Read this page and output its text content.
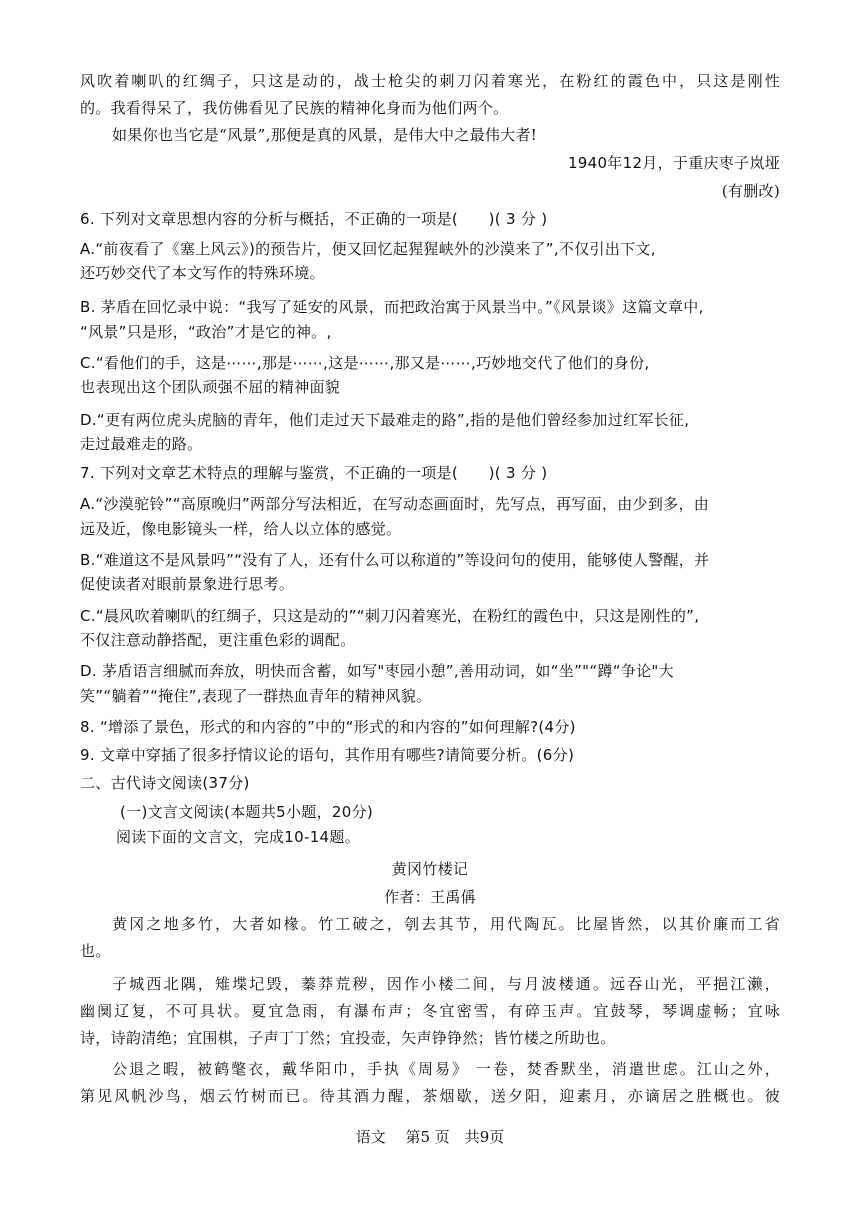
风吹着喇叭的红绸子，只这是动的，战士枪尖的刺刀闪着寒光，在粉红的霞色中，只这是刚性
的。我看得呆了，我仿佛看见了民族的精神化身而为他们两个。
如果你也当它是“风景”,那便是真的风景，是伟大中之最伟大者!
1940年12月，于重庆枣子岚垭
(有删改)
6. 下列对文章思想内容的分析与概括，不正确的一项是(　　)( 3 分 )
A.“前夜看了《塞上风云》)的预告片，便又回忆起猩猩峡外的沙漠来了”,不仅引出下文,
还巧妙交代了本文写作的特殊环境。
B. 茅盾在回忆录中说：“我写了延安的风景，而把政治寓于风景当中。”《风景谈》这篇文章中,
“风景”只是形，“政治”才是它的神。,
C.“看他们的手，这是⋯⋯,那是⋯⋯,这是⋯⋯,那又是⋯⋯,巧妙地交代了他们的身份,
也表现出这个团队顽强不屈的精神面貌
D.“更有两位虎头虎脑的青年，他们走过天下最难走的路”,指的是他们曾经参加过红军长征,
走过最难走的路。
7. 下列对文章艺术特点的理解与鉴赏，不正确的一项是(　　)( 3 分 )
A.“沙漠驼铃”“高原晚归”两部分写法相近，在写动态画面时，先写点，再写面，由少到多，由
远及近，像电影镜头一样，给人以立体的感觉。
B.“难道这不是风景吗”“没有了人，还有什么可以称道的”等设问句的使用，能够使人警醒，并
促使读者对眼前景象进行思考。
C.“晨风吹着喇叭的红绸子，只这是动的”“刺刀闪着寒光，在粉红的霞色中，只这是刚性的”,
不仅注意动静搭配，更注重色彩的调配。
D. 茅盾语言细腻而奔放，明快而含蓄，如写"枣园小憩”,善用动词，如“坐”"“蹲“争论"大
笑”“躺着”“掩住”,表现了一群热血青年的精神风貌。
8. “增添了景色，形式的和内容的”中的“形式的和内容的”如何理解?(4分)
9. 文章中穿插了很多抒情议论的语句，其作用有哪些?请简要分析。(6分)
二、古代诗文阅读(37分)
(一)文言文阅读(本题共5小题，20分)
阅读下面的文言文，完成10-14题。
黄冈竹楼记
作者：王禹偁
黄冈之地多竹，大者如椽。竹工破之，刳去其节，用代陶瓦。比屋皆然，以其价廉而工省
也。
子城西北隅，雉堞圮毁，蓁莽荒秽，因作小楼二间，与月波楼通。远吞山光，平挹江濑，
幽阒辽复，不可具状。夏宜急雨，有瀑布声；冬宜密雪，有碎玉声。宜鼓琴，琴调虚畅；宜咏
诗，诗韵清绝；宜围棋，子声丁丁然；宜投壶，矢声铮铮然；皆竹楼之所助也。
公退之暇，被鹤氅衣，戴华阳巾，手执《周易》 一卷，焚香默坐，消遣世虑。江山之外，
第见风帆沙鸟，烟云竹树而已。待其酒力醒，茶烟歇，送夕阳，迎素月，亦谪居之胜概也。彼
语文　 第5 页　共9页
